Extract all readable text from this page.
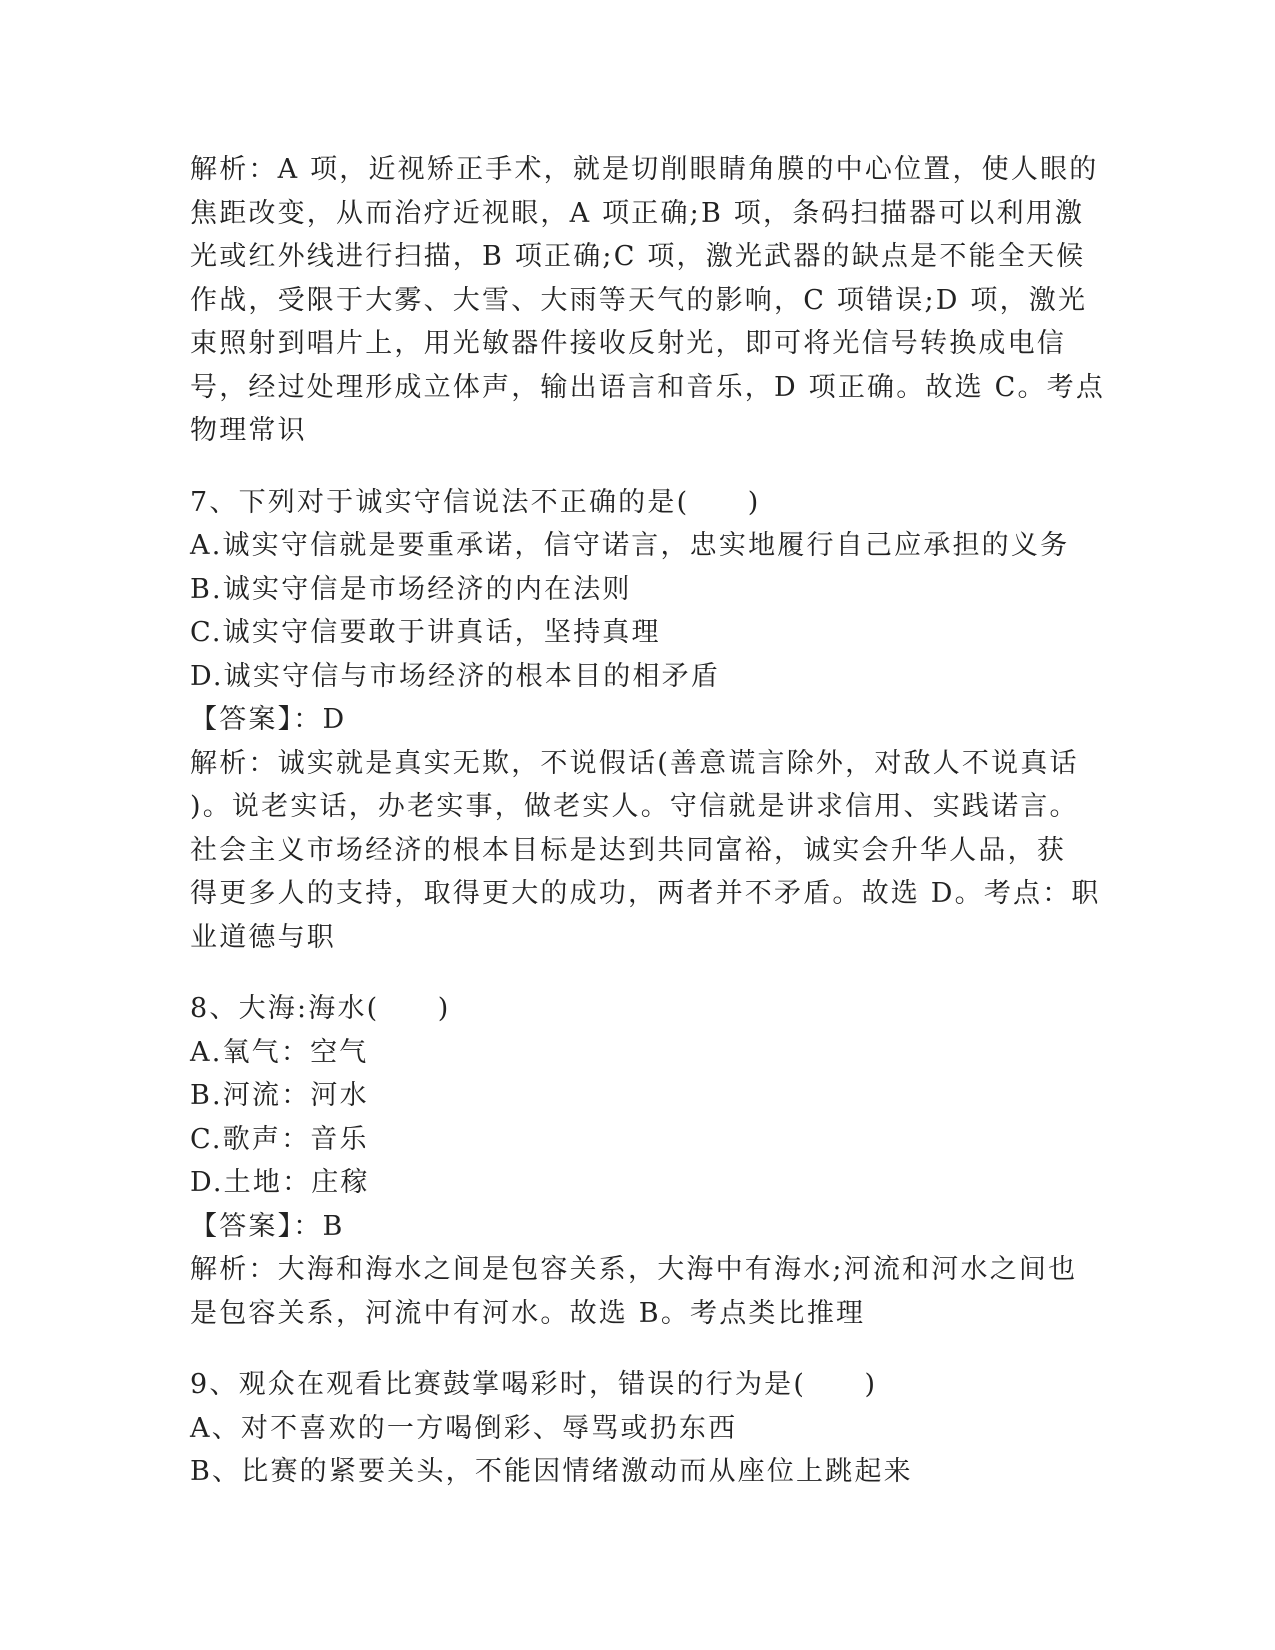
解析：A 项，近视矫正手术，就是切削眼睛角膜的中心位置，使人眼的
焦距改变，从而治疗近视眼，A 项正确;B 项，条码扫描器可以利用激
光或红外线进行扫描，B 项正确;C 项，激光武器的缺点是不能全天候
作战，受限于大雾、大雪、大雨等天气的影响，C 项错误;D 项，激光
束照射到唱片上，用光敏器件接收反射光，即可将光信号转换成电信
号，经过处理形成立体声，输出语言和音乐，D 项正确。故选 C。考点
物理常识
7、下列对于诚实守信说法不正确的是(　　)
A.诚实守信就是要重承诺，信守诺言，忠实地履行自己应承担的义务
B.诚实守信是市场经济的内在法则
C.诚实守信要敢于讲真话，坚持真理
D.诚实守信与市场经济的根本目的相矛盾
【答案】：D
解析：诚实就是真实无欺，不说假话(善意谎言除外，对敌人不说真话
)。说老实话，办老实事，做老实人。守信就是讲求信用、实践诺言。
社会主义市场经济的根本目标是达到共同富裕，诚实会升华人品，获
得更多人的支持，取得更大的成功，两者并不矛盾。故选 D。考点：职
业道德与职
8、大海:海水(　　)
A.氧气：空气
B.河流：河水
C.歌声：音乐
D.土地：庄稼
【答案】：B
解析：大海和海水之间是包容关系，大海中有海水;河流和河水之间也
是包容关系，河流中有河水。故选 B。考点类比推理
9、观众在观看比赛鼓掌喝彩时，错误的行为是(　　)
A、对不喜欢的一方喝倒彩、辱骂或扔东西
B、比赛的紧要关头，不能因情绪激动而从座位上跳起来
